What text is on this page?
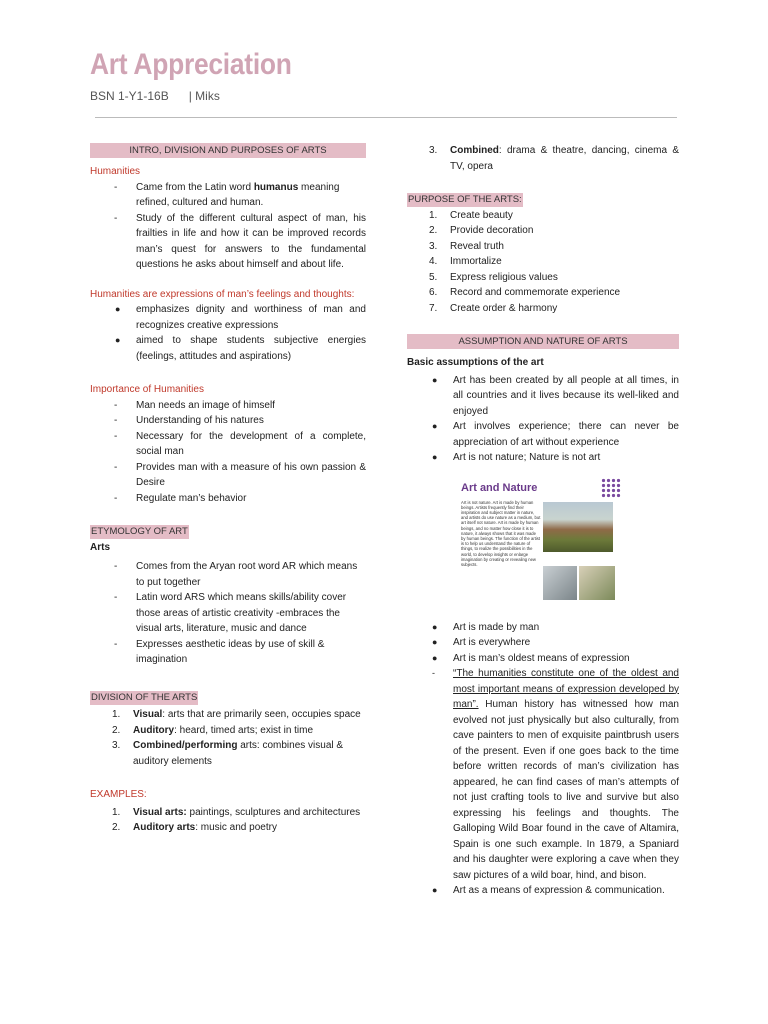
Art Appreciation
BSN 1-Y1-16B      | Miks
INTRO, DIVISION AND PURPOSES OF ARTS
Humanities
- Came from the Latin word humanus meaning refined, cultured and human.
- Study of the different cultural aspect of man, his frailties in life and how it can be improved records man’s quest for answers to the fundamental questions he asks about himself and about life.
Humanities are expressions of man’s feelings and thoughts:
● emphasizes dignity and worthiness of man and recognizes creative expressions
● aimed to shape students subjective energies (feelings, attitudes and aspirations)
Importance of Humanities
- Man needs an image of himself
- Understanding of his natures
- Necessary for the development of a complete, social man
- Provides man with a measure of his own passion & Desire
- Regulate man’s behavior
ETYMOLOGY OF ART
Arts
- Comes from the Aryan root word AR which means to put together
- Latin word ARS which means skills/ability cover those areas of artistic creativity -embraces the visual arts, literature, music and dance
- Expresses aesthetic ideas by use of skill & imagination
DIVISION OF THE ARTS
1. Visual: arts that are primarily seen, occupies space
2. Auditory: heard, timed arts; exist in time
3. Combined/performing arts: combines visual & auditory elements
EXAMPLES:
1. Visual arts: paintings, sculptures and architectures
2. Auditory arts: music and poetry
3. Combined: drama & theatre, dancing, cinema & TV, opera
PURPOSE OF THE ARTS:
1. Create beauty
2. Provide decoration
3. Reveal truth
4. Immortalize
5. Express religious values
6. Record and commemorate experience
7. Create order & harmony
ASSUMPTION AND NATURE OF ARTS
Basic assumptions of the art
● Art has been created by all people at all times, in all countries and it lives because its well-liked and enjoyed
● Art involves experience; there can never be appreciation of art without experience
● Art is not nature; Nature is not art
Art and Nature
Art is not nature. Art is made by human beings. Artists frequently find their inspiration and subject matter in nature, and artists do use nature as a medium, but art itself not nature. Art is made by human beings, and no matter how close it is to nature, it always shows that it was made by human beings. The function of the artist is to help us understand the nature of things, to realize the possibilities in the world, to develop insights or enlarge imagination by creating or revealing new subjects.
● Art is made by man
● Art is everywhere
● Art is man’s oldest means of expression
- “The humanities constitute one of the oldest and most important means of expression developed by man”. Human history has witnessed how man evolved not just physically but also culturally, from cave painters to men of exquisite paintbrush users of the present. Even if one goes back to the time before written records of man’s civilization has appeared, he can find cases of man’s attempts of not just crafting tools to live and survive but also expressing his feelings and thoughts. The Galloping Wild Boar found in the cave of Altamira, Spain is one such example. In 1879, a Spaniard and his daughter were exploring a cave when they saw pictures of a wild boar, hind, and bison.
● Art as a means of expression & communication.
